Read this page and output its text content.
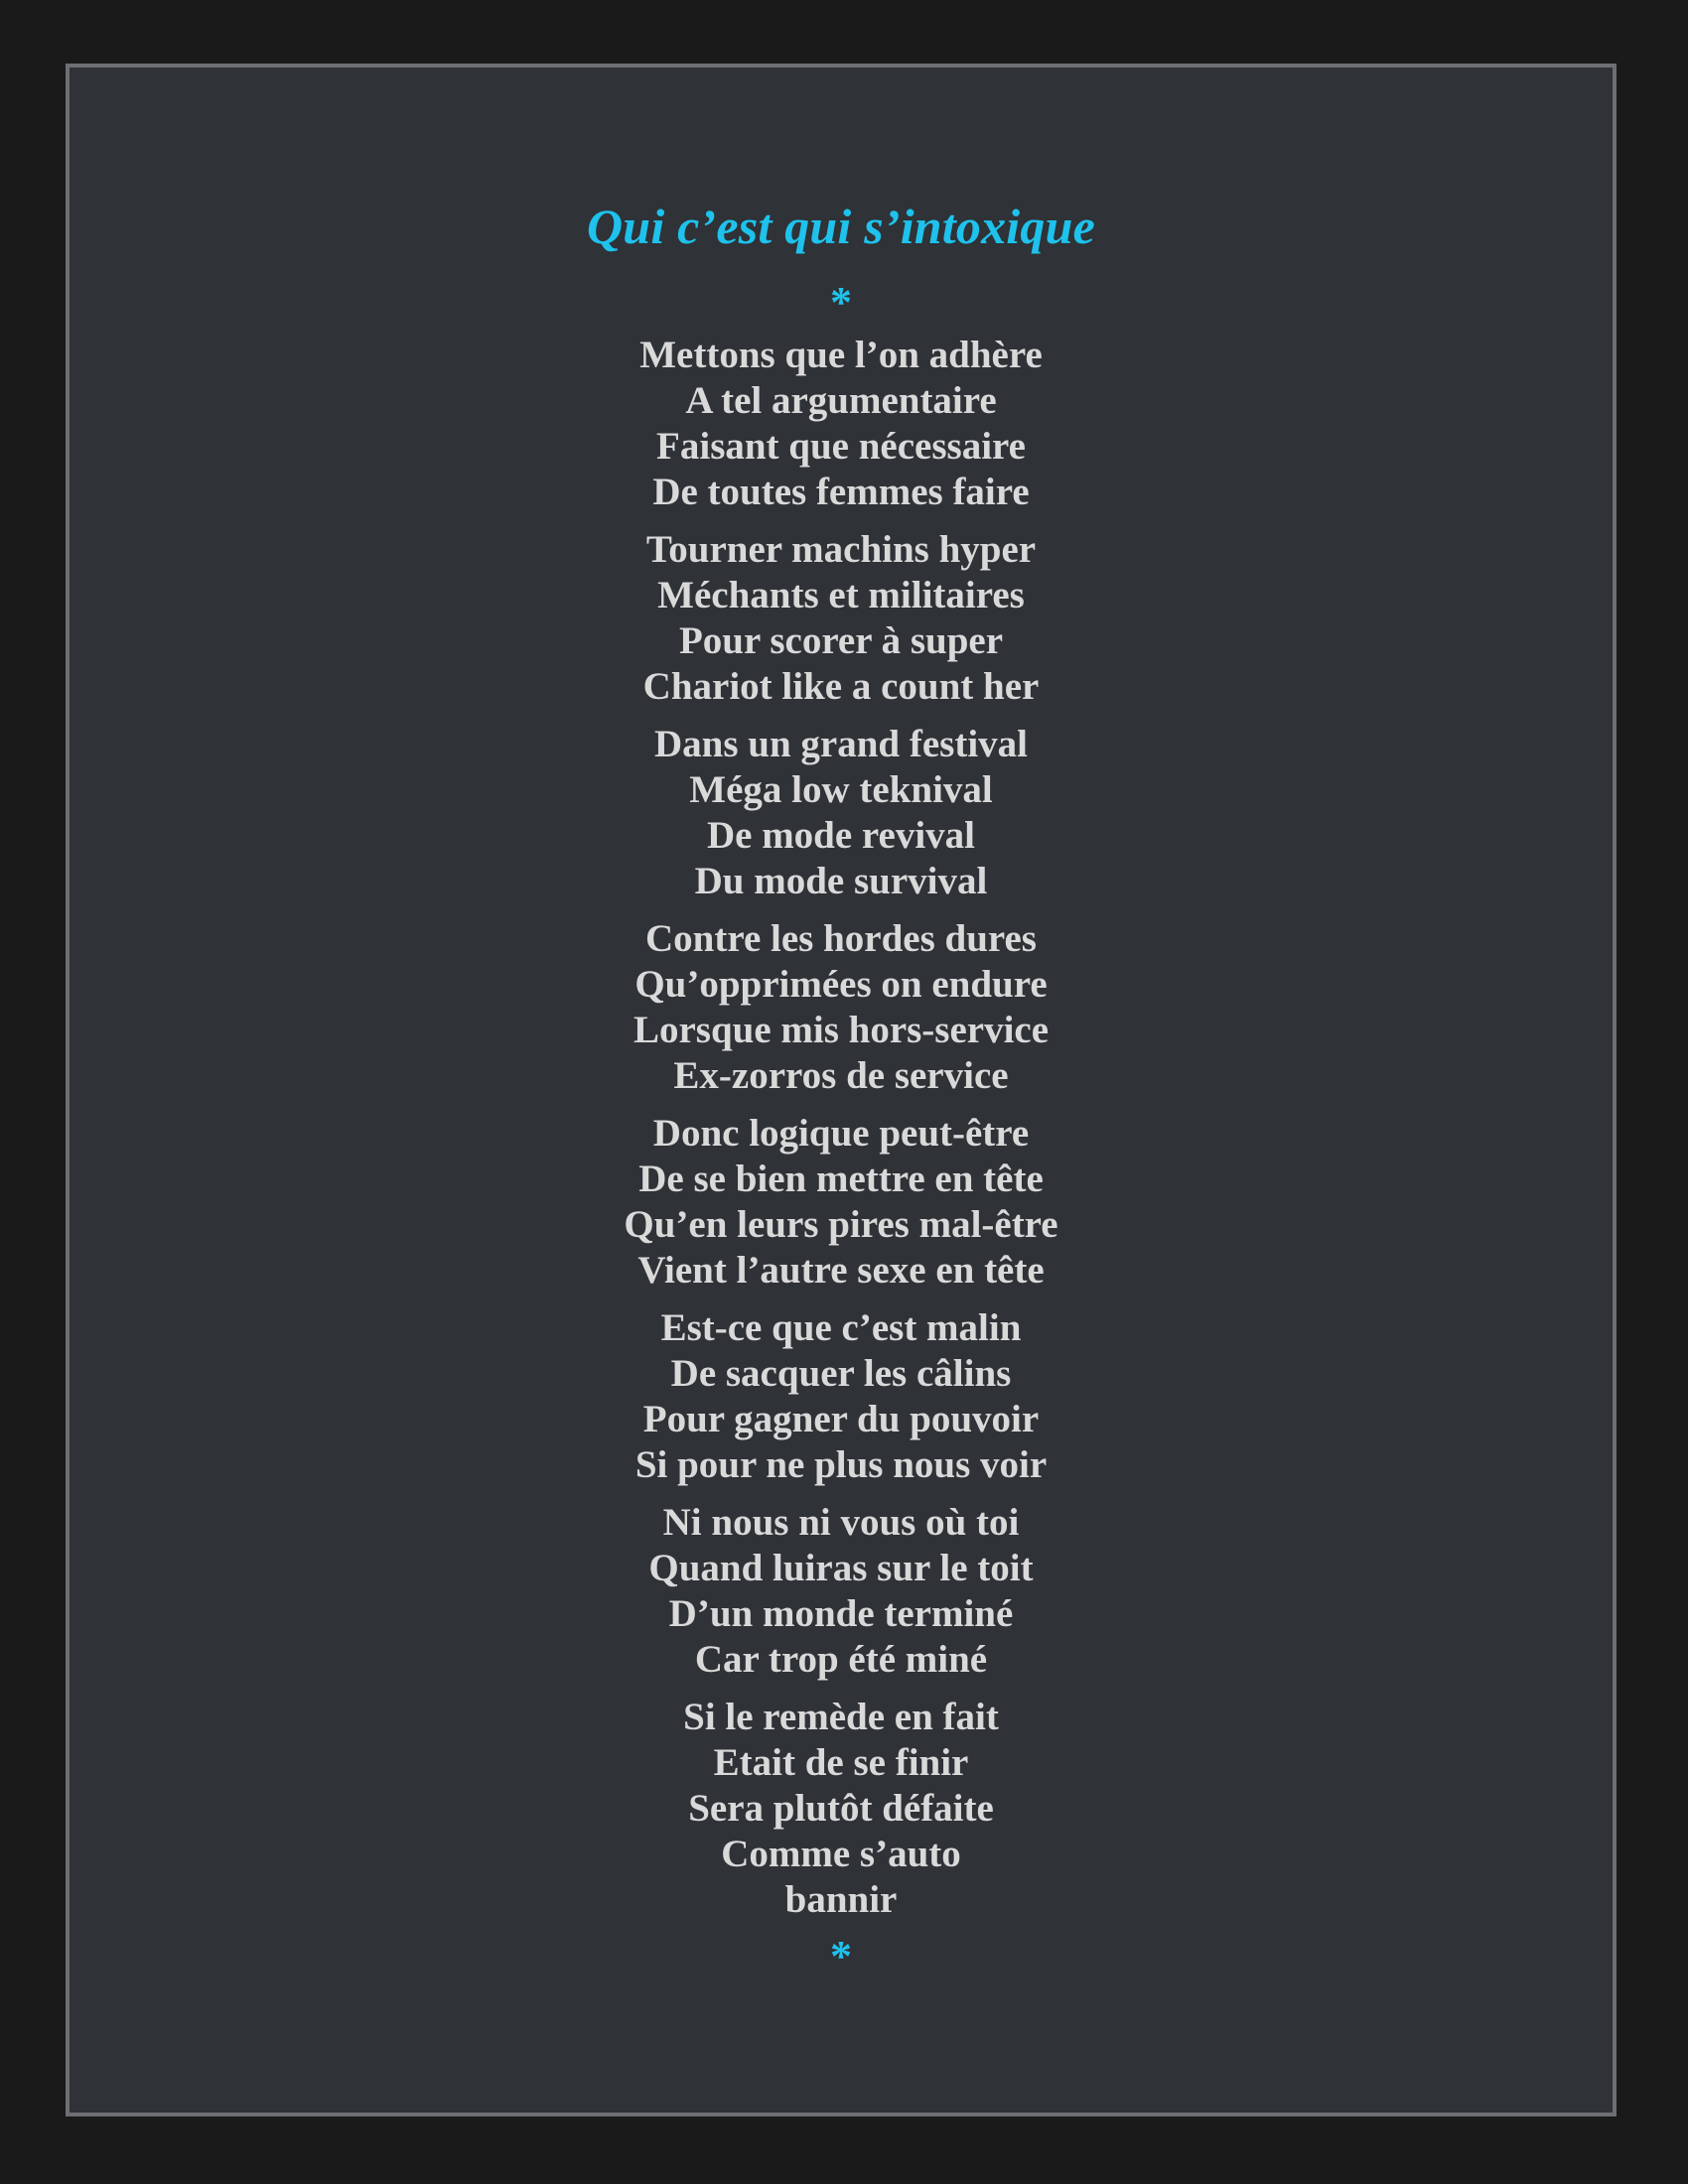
Qui c’est qui s’intoxique
*
Mettons que l’on adhère
A tel argumentaire
Faisant que nécessaire
De toutes femmes faire
Tourner machins hyper
Méchants et militaires
Pour scorer à super
Chariot like a count her
Dans un grand festival
Méga low teknival
De mode revival
Du mode survival
Contre les hordes dures
Qu’opprimées on endure
Lorsque mis hors-service
Ex-zorros de service
Donc logique peut-être
De se bien mettre en tête
Qu’en leurs pires mal-être
Vient l’autre sexe en tête
Est-ce que c’est malin
De sacquer les câlins
Pour gagner du pouvoir
Si pour ne plus nous voir
Ni nous ni vous où toi
Quand luiras sur le toit
D’un monde terminé
Car trop été miné
Si le remède en fait
Etait de se finir
Sera plutôt défaite
Comme s’auto
bannir
*
